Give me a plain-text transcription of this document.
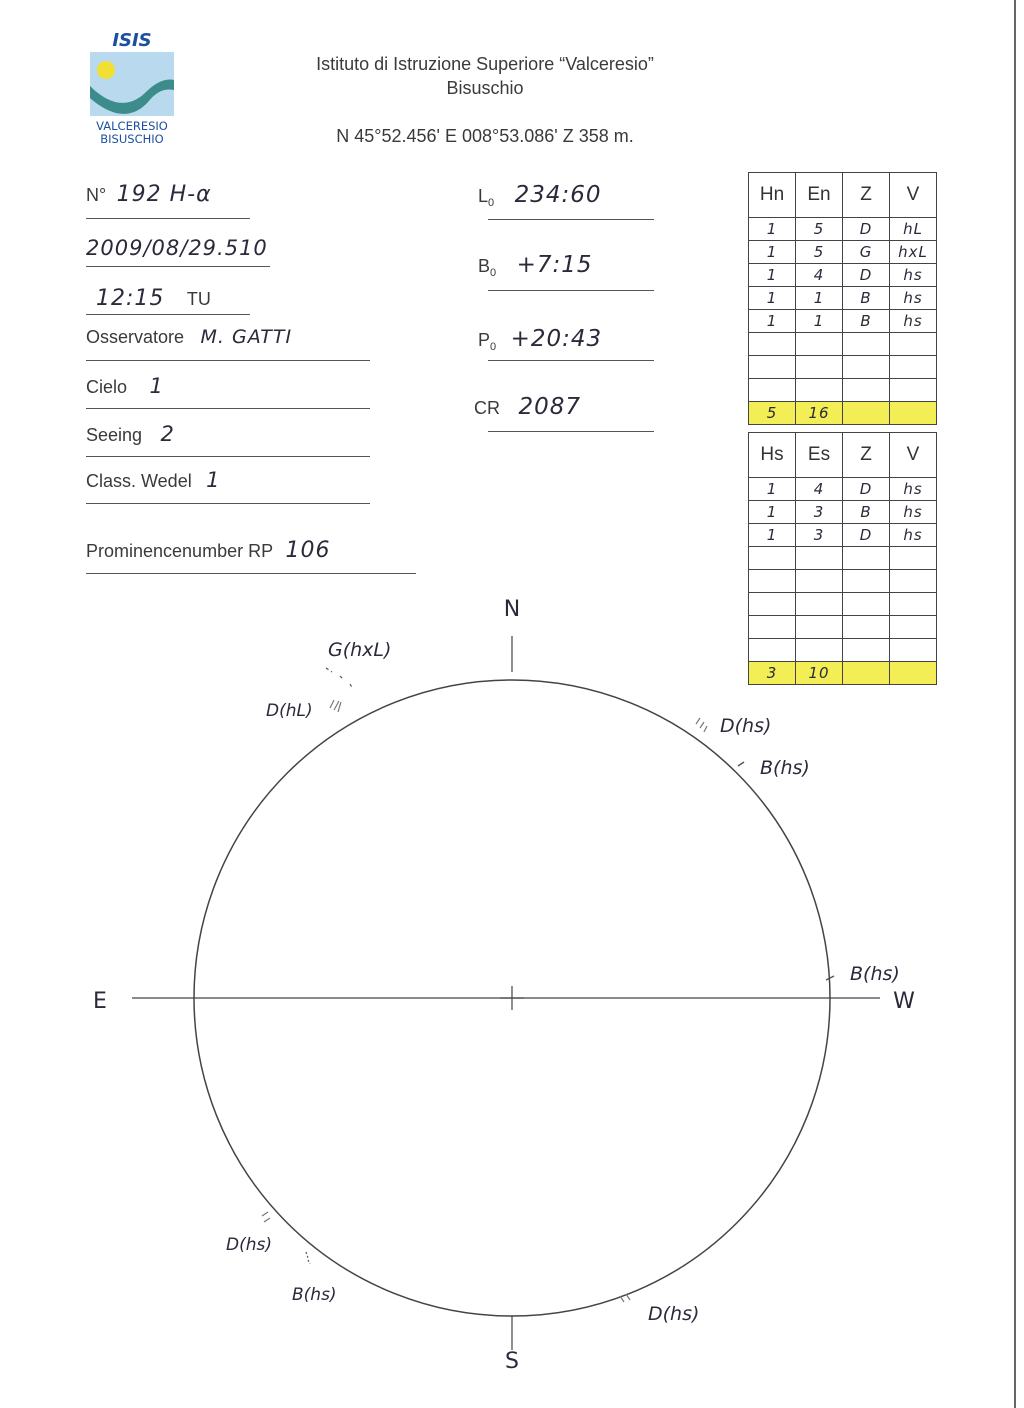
ISIS
VALCERESIO
BISUSCHIO
Istituto di Istruzione Superiore “Valceresio”
Bisuschio
N 45°52.456' E 008°53.086' Z 358 m.
N° 192 H-α
2009/08/29.510
12:15 TU
Osservatore M. GATTI
Cielo 1
Seeing 2
Class. Wedel 1
Prominencenumber RP 106
$L_0$ 234:60
$B_0$ +7:15
$P_0$ +20:43
CR 2087
Hn	En	Z	V
1	5	D	hL
1	5	G	hxL
1	4	D	hs
1	1	B	hs
1	1	B	hs

5	16		
Hs	Es	Z	V
1	4	D	hs
1	3	B	hs
1	3	D	hs

3	10		
N
S
E	W
G(hxL)
D(hL)
D(hs)
B(hs)
B(hs)
D(hs)
B(hs)
D(hs)
